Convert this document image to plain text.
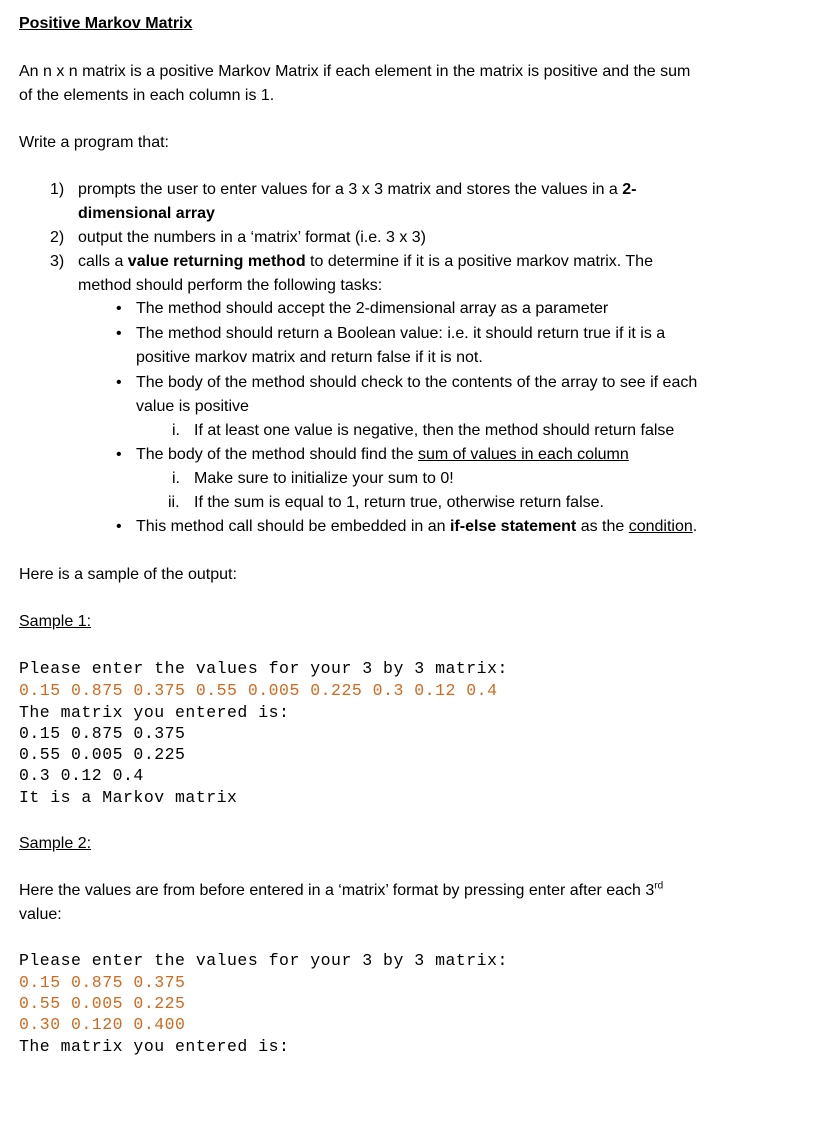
Positive Markov Matrix
An n x n matrix is a positive Markov Matrix if each element in the matrix is positive and the sum
of the elements in each column is 1.
Write a program that:
1) prompts the user to enter values for a 3 x 3 matrix and stores the values in a 2-
dimensional array
2) output the numbers in a ‘matrix’ format (i.e. 3 x 3)
3) calls a value returning method to determine if it is a positive markov matrix. The
method should perform the following tasks:
• The method should accept the 2-dimensional array as a parameter
• The method should return a Boolean value: i.e. it should return true if it is a
positive markov matrix and return false if it is not.
• The body of the method should check to the contents of the array to see if each
value is positive
i. If at least one value is negative, then the method should return false
• The body of the method should find the sum of values in each column
i. Make sure to initialize your sum to 0!
ii. If the sum is equal to 1, return true, otherwise return false.
• This method call should be embedded in an if-else statement as the condition.
Here is a sample of the output:
Sample 1:
Please enter the values for your 3 by 3 matrix:
0.15 0.875 0.375 0.55 0.005 0.225 0.3 0.12 0.4
The matrix you entered is:
0.15 0.875 0.375
0.55 0.005 0.225
0.3 0.12 0.4
It is a Markov matrix
Sample 2:
Here the values are from before entered in a ‘matrix’ format by pressing enter after each 3rd
value:
Please enter the values for your 3 by 3 matrix:
0.15 0.875 0.375
0.55 0.005 0.225
0.30 0.120 0.400
The matrix you entered is:
